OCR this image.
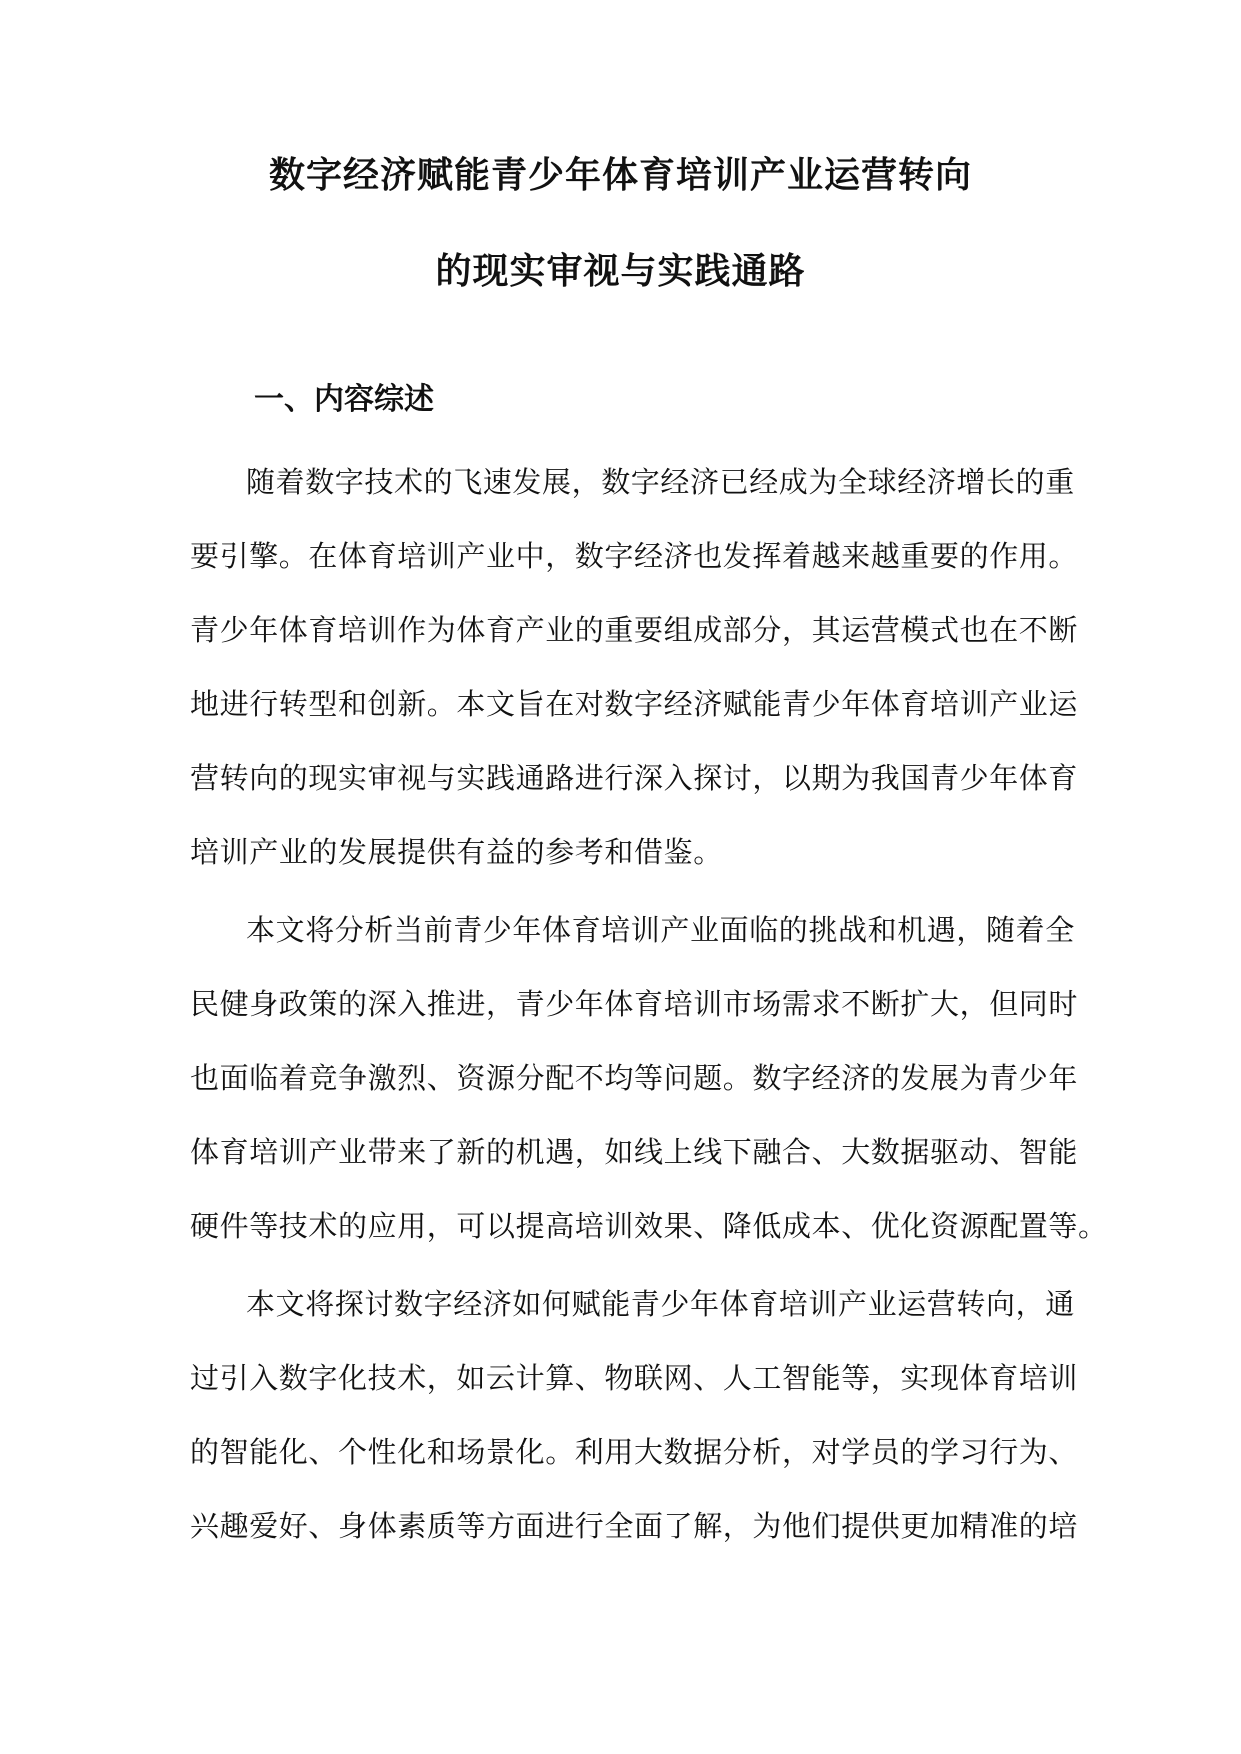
数字经济赋能青少年体育培训产业运营转向
的现实审视与实践通路
一、内容综述
随着数字技术的飞速发展，数字经济已经成为全球经济增长的重
要引擎。在体育培训产业中，数字经济也发挥着越来越重要的作用。
青少年体育培训作为体育产业的重要组成部分，其运营模式也在不断
地进行转型和创新。本文旨在对数字经济赋能青少年体育培训产业运
营转向的现实审视与实践通路进行深入探讨，以期为我国青少年体育
培训产业的发展提供有益的参考和借鉴。
本文将分析当前青少年体育培训产业面临的挑战和机遇，随着全
民健身政策的深入推进，青少年体育培训市场需求不断扩大，但同时
也面临着竞争激烈、资源分配不均等问题。数字经济的发展为青少年
体育培训产业带来了新的机遇，如线上线下融合、大数据驱动、智能
硬件等技术的应用，可以提高培训效果、降低成本、优化资源配置等。
本文将探讨数字经济如何赋能青少年体育培训产业运营转向，通
过引入数字化技术，如云计算、物联网、人工智能等，实现体育培训
的智能化、个性化和场景化。利用大数据分析，对学员的学习行为、
兴趣爱好、身体素质等方面进行全面了解，为他们提供更加精准的培
